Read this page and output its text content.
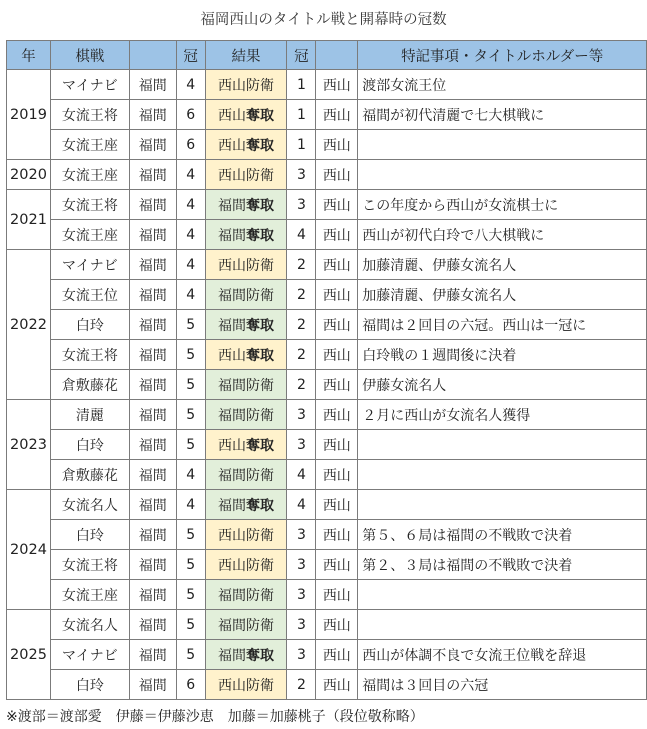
福岡西山のタイトル戦と開幕時の冠数
年	棋戦		冠	結果	冠		特記事項・タイトルホルダー等
2019	マイナビ	福間	4	西山防衛	1	西山	渡部女流王位
	女流王将	福間	6	西山奪取	1	西山	福間が初代清麗で七大棋戦に
	女流王座	福間	6	西山奪取	1	西山	
2020	女流王座	福間	4	西山防衛	3	西山	
2021	女流王将	福間	4	福間奪取	3	西山	この年度から西山が女流棋士に
	女流王座	福間	4	福間奪取	4	西山	西山が初代白玲で八大棋戦に
2022	マイナビ	福間	4	西山防衛	2	西山	加藤清麗、伊藤女流名人
	女流王位	福間	4	福間防衛	2	西山	加藤清麗、伊藤女流名人
	白玲	福間	5	福間奪取	2	西山	福間は２回目の六冠。西山は一冠に
	女流王将	福間	5	西山奪取	2	西山	白玲戦の１週間後に決着
	倉敷藤花	福間	5	福間防衛	2	西山	伊藤女流名人
2023	清麗	福間	5	福間防衛	3	西山	２月に西山が女流名人獲得
	白玲	福間	5	西山奪取	3	西山	
	倉敷藤花	福間	4	福間防衛	4	西山	
2024	女流名人	福間	4	福間奪取	4	西山	
	白玲	福間	5	西山防衛	3	西山	第５、６局は福間の不戦敗で決着
	女流王将	福間	5	西山防衛	3	西山	第２、３局は福間の不戦敗で決着
	女流王座	福間	5	福間防衛	3	西山	
2025	女流名人	福間	5	福間防衛	3	西山	
	マイナビ	福間	5	福間奪取	3	西山	西山が体調不良で女流王位戦を辞退
	白玲	福間	6	西山防衛	2	西山	福間は３回目の六冠
※渡部＝渡部愛　伊藤＝伊藤沙恵　加藤＝加藤桃子（段位敬称略）
